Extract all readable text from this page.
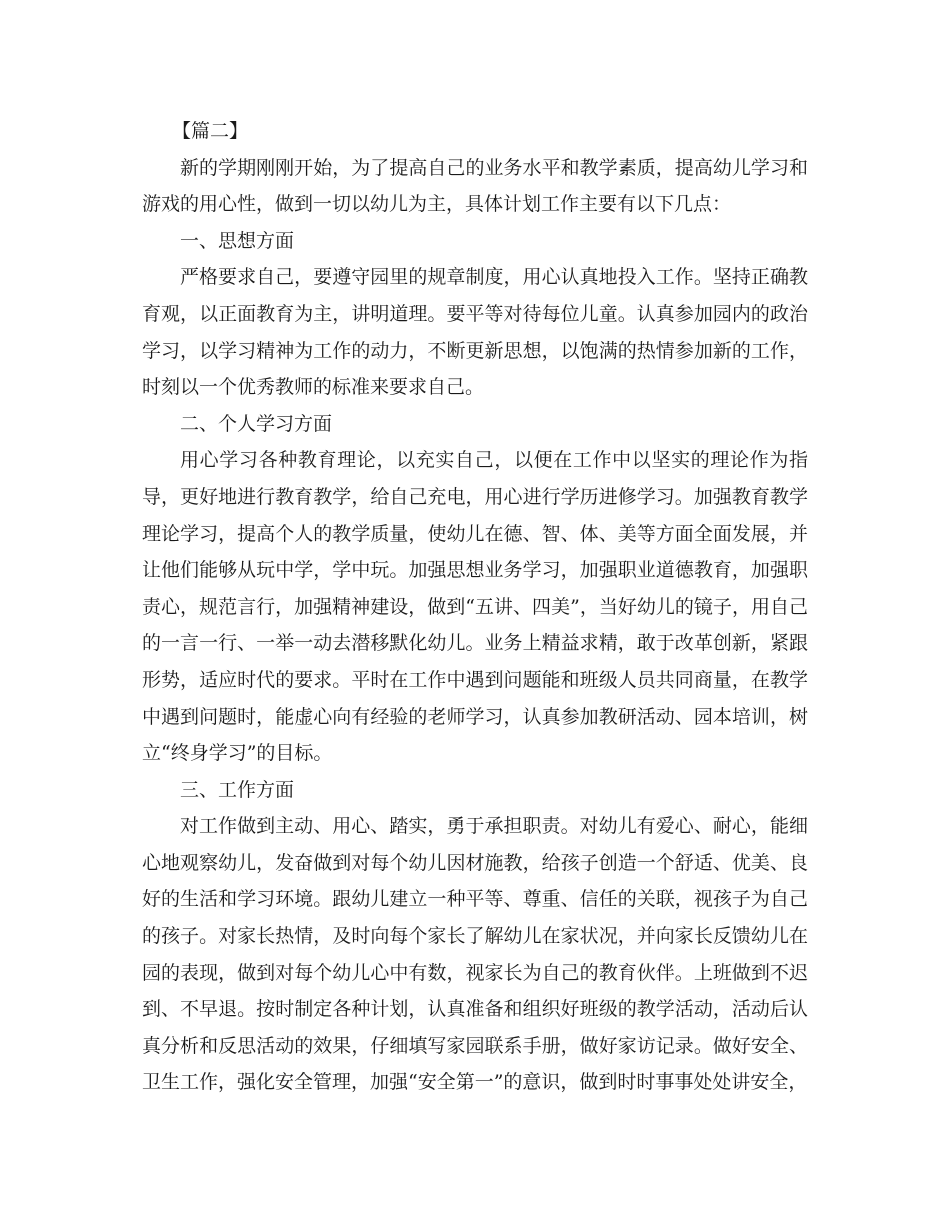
【篇二】

新的学期刚刚开始，为了提高自己的业务水平和教学素质，提高幼儿学习和游戏的用心性，做到一切以幼儿为主，具体计划工作主要有以下几点：

一、思想方面

严格要求自己，要遵守园里的规章制度，用心认真地投入工作。坚持正确教育观，以正面教育为主，讲明道理。要平等对待每位儿童。认真参加园内的政治学习，以学习精神为工作的动力，不断更新思想，以饱满的热情参加新的工作，时刻以一个优秀教师的标准来要求自己。

二、个人学习方面

用心学习各种教育理论，以充实自己，以便在工作中以坚实的理论作为指导，更好地进行教育教学，给自己充电，用心进行学历进修学习。加强教育教学理论学习，提高个人的教学质量，使幼儿在德、智、体、美等方面全面发展，并让他们能够从玩中学，学中玩。加强思想业务学习，加强职业道德教育，加强职责心，规范言行，加强精神建设，做到“五讲、四美”，当好幼儿的镜子，用自己的一言一行、一举一动去潜移默化幼儿。业务上精益求精，敢于改革创新，紧跟形势，适应时代的要求。平时在工作中遇到问题能和班级人员共同商量，在教学中遇到问题时，能虚心向有经验的老师学习，认真参加教研活动、园本培训，树立“终身学习”的目标。

三、工作方面

对工作做到主动、用心、踏实，勇于承担职责。对幼儿有爱心、耐心，能细心地观察幼儿，发奋做到对每个幼儿因材施教，给孩子创造一个舒适、优美、良好的生活和学习环境。跟幼儿建立一种平等、尊重、信任的关联，视孩子为自己的孩子。对家长热情，及时向每个家长了解幼儿在家状况，并向家长反馈幼儿在园的表现，做到对每个幼儿心中有数，视家长为自己的教育伙伴。上班做到不迟到、不早退。按时制定各种计划，认真准备和组织好班级的教学活动，活动后认真分析和反思活动的效果，仔细填写家园联系手册，做好家访记录。做好安全、卫生工作，强化安全管理，加强“安全第一”的意识，做到时时事事处处讲安全，
